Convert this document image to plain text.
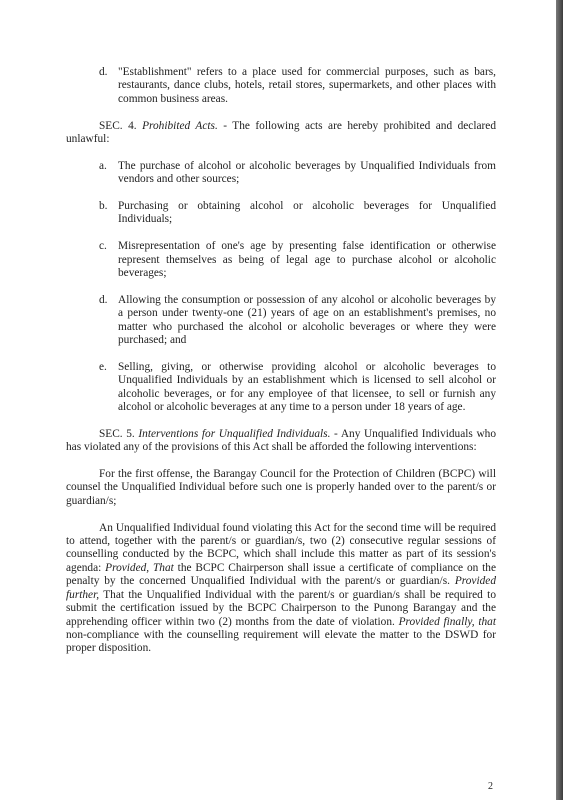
d. "Establishment" refers to a place used for commercial purposes, such as bars, restaurants, dance clubs, hotels, retail stores, supermarkets, and other places with common business areas.

SEC. 4. Prohibited Acts. - The following acts are hereby prohibited and declared unlawful:

a. The purchase of alcohol or alcoholic beverages by Unqualified Individuals from vendors and other sources;
b. Purchasing or obtaining alcohol or alcoholic beverages for Unqualified Individuals;
c. Misrepresentation of one's age by presenting false identification or otherwise represent themselves as being of legal age to purchase alcohol or alcoholic beverages;
d. Allowing the consumption or possession of any alcohol or alcoholic beverages by a person under twenty-one (21) years of age on an establishment's premises, no matter who purchased the alcohol or alcoholic beverages or where they were purchased; and
e. Selling, giving, or otherwise providing alcohol or alcoholic beverages to Unqualified Individuals by an establishment which is licensed to sell alcohol or alcoholic beverages, or for any employee of that licensee, to sell or furnish any alcohol or alcoholic beverages at any time to a person under 18 years of age.

SEC. 5. Interventions for Unqualified Individuals. - Any Unqualified Individuals who has violated any of the provisions of this Act shall be afforded the following interventions:

For the first offense, the Barangay Council for the Protection of Children (BCPC) will counsel the Unqualified Individual before such one is properly handed over to the parent/s or guardian/s;

An Unqualified Individual found violating this Act for the second time will be required to attend, together with the parent/s or guardian/s, two (2) consecutive regular sessions of counselling conducted by the BCPC, which shall include this matter as part of its session's agenda: Provided, That the BCPC Chairperson shall issue a certificate of compliance on the penalty by the concerned Unqualified Individual with the parent/s or guardian/s. Provided further, That the Unqualified Individual with the parent/s or guardian/s shall be required to submit the certification issued by the BCPC Chairperson to the Punong Barangay and the apprehending officer within two (2) months from the date of violation. Provided finally, that non-compliance with the counselling requirement will elevate the matter to the DSWD for proper disposition.

2
